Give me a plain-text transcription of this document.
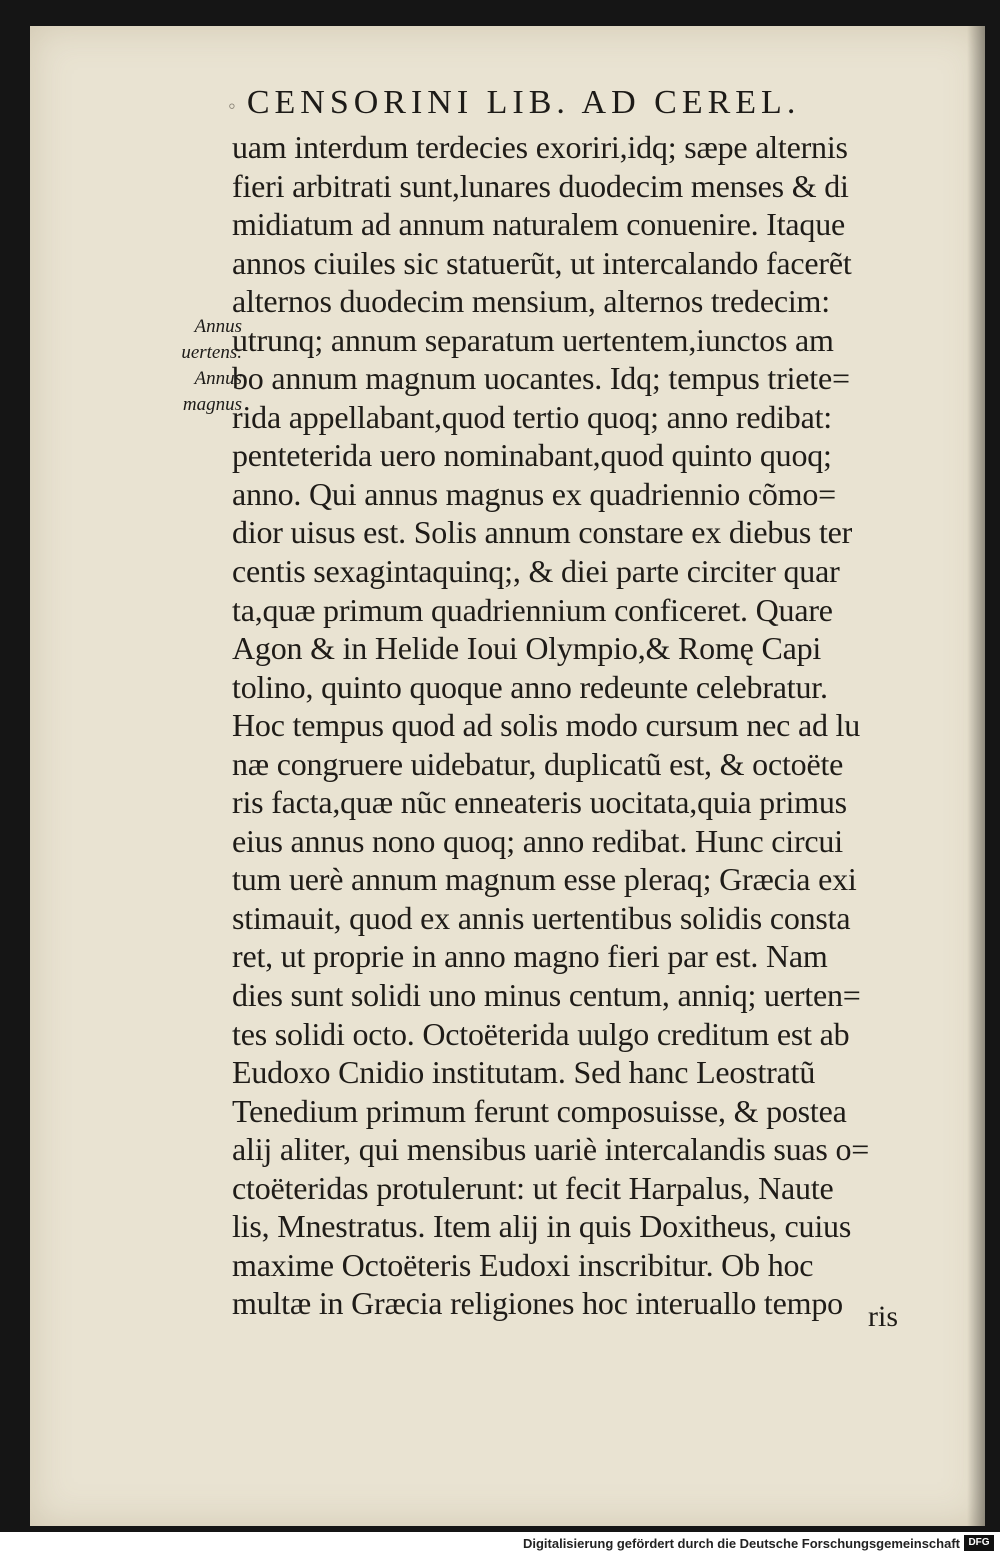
◦ CENSORINI LIB. AD CEREL.
Annus
uertens.
Annus
magnus
uam interdum terdecies exoriri,idq; sæpe alternis
fieri arbitrati sunt,lunares duodecim menses & di
midiatum ad annum naturalem conuenire. Itaque
annos ciuiles sic statuerũt, ut intercalando facerẽt
alternos duodecim mensium, alternos tredecim:
utrunq; annum separatum uertentem,iunctos am
bo annum magnum uocantes. Idq; tempus triete=
rida appellabant,quod tertio quoq; anno redibat:
penteterida uero nominabant,quod quinto quoq;
anno. Qui annus magnus ex quadriennio cõmo=
dior uisus est. Solis annum constare ex diebus ter
centis sexagintaquinq;, & diei parte circiter quar
ta,quæ primum quadriennium conficeret. Quare
Agon & in Helide Ioui Olympio,& Romę Capi
tolino, quinto quoque anno redeunte celebratur.
Hoc tempus quod ad solis modo cursum nec ad lu
næ congruere uidebatur, duplicatũ est, & octoëte
ris facta,quæ nũc enneateris uocitata,quia primus
eius annus nono quoq; anno redibat. Hunc circui
tum uerè annum magnum esse pleraq; Græcia exi
stimauit, quod ex annis uertentibus solidis consta
ret, ut proprie in anno magno fieri par est. Nam
dies sunt solidi uno minus centum, anniq; uerten=
tes solidi octo. Octoëterida uulgo creditum est ab
Eudoxo Cnidio institutam. Sed hanc Leostratũ
Tenedium primum ferunt composuisse, & postea
alij aliter, qui mensibus uariè intercalandis suas o=
ctoëteridas protulerunt: ut fecit Harpalus, Naute
lis, Mnestratus. Item alij in quis Doxitheus, cuius
maxime Octoëteris Eudoxi inscribitur. Ob hoc
multæ in Græcia religiones hoc interuallo tempo ris
Digitalisierung gefördert durch die Deutsche Forschungsgemeinschaft DFG
